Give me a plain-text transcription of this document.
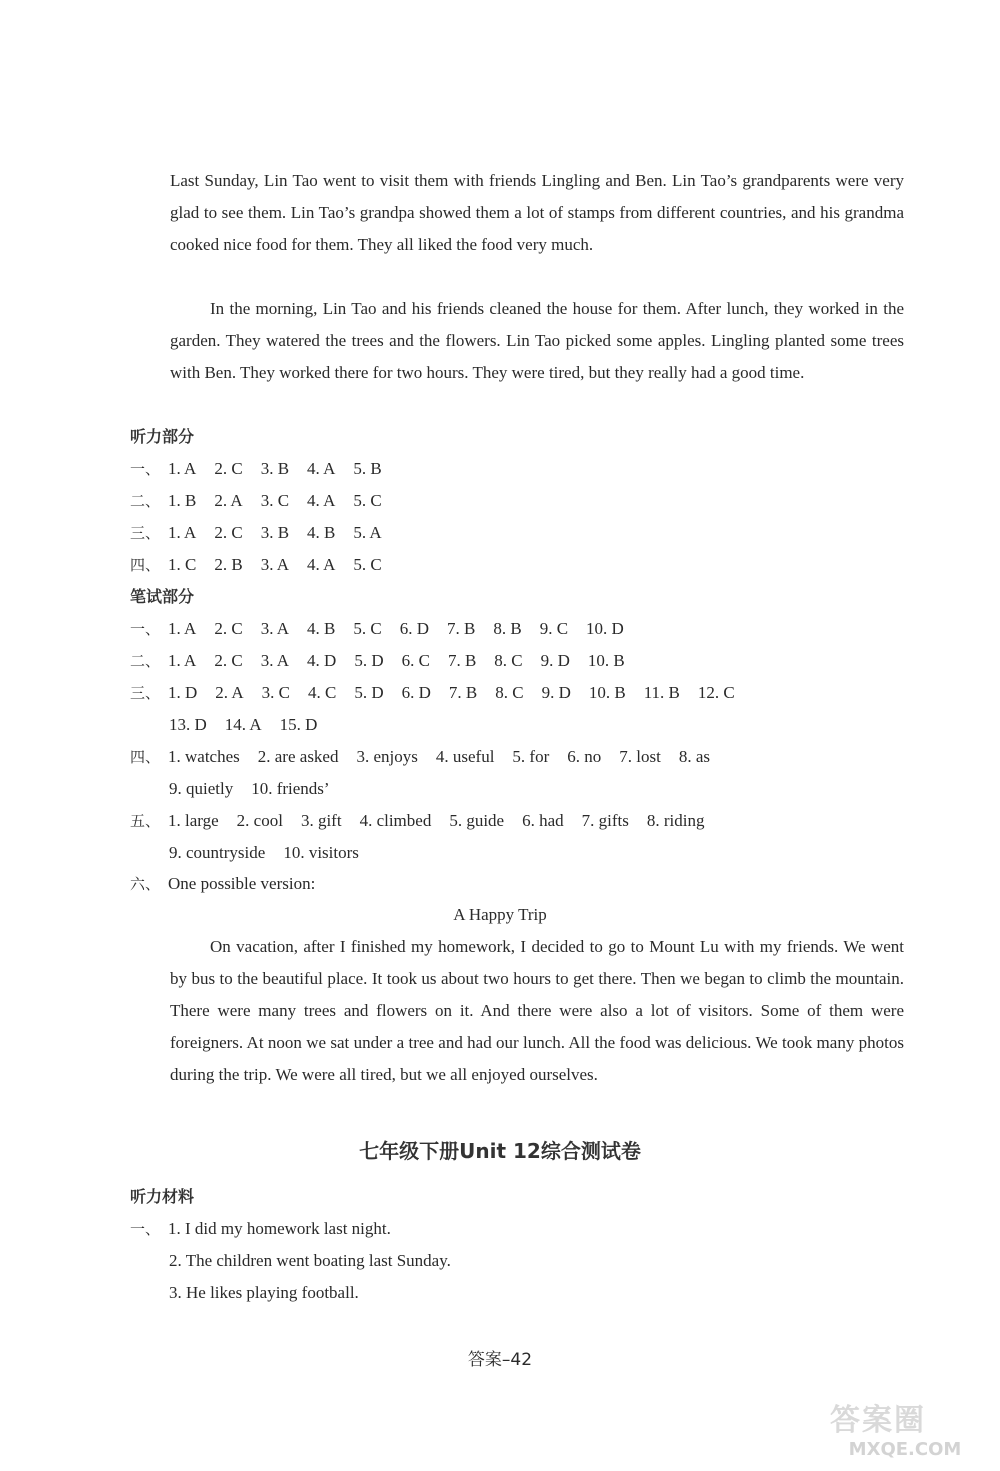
Last Sunday, Lin Tao went to visit them with friends Lingling and Ben. Lin Tao’s grandparents were very glad to see them. Lin Tao’s grandpa showed them a lot of stamps from different countries, and his grandma cooked nice food for them. They all liked the food very much.

In the morning, Lin Tao and his friends cleaned the house for them. After lunch, they worked in the garden. They watered the trees and the flowers. Lin Tao picked some apples. Lingling planted some trees with Ben. They worked there for two hours. They were tired, but they really had a good time.

听力部分
一、 1. A 2. C 3. B 4. A 5. B
二、 1. B 2. A 3. C 4. A 5. C
三、 1. A 2. C 3. B 4. B 5. A
四、 1. C 2. B 3. A 4. A 5. C
笔试部分
一、 1. A 2. C 3. A 4. B 5. C 6. D 7. B 8. B 9. C 10. D
二、 1. A 2. C 3. A 4. D 5. D 6. C 7. B 8. C 9. D 10. B
三、 1. D 2. A 3. C 4. C 5. D 6. D 7. B 8. C 9. D 10. B 11. B 12. C
13. D 14. A 15. D
四、 1. watches 2. are asked 3. enjoys 4. useful 5. for 6. no 7. lost 8. as
9. quietly 10. friends’
五、 1. large 2. cool 3. gift 4. climbed 5. guide 6. had 7. gifts 8. riding
9. countryside 10. visitors
六、 One possible version:
A Happy Trip

On vacation, after I finished my homework, I decided to go to Mount Lu with my friends. We went by bus to the beautiful place. It took us about two hours to get there. Then we began to climb the mountain. There were many trees and flowers on it. And there were also a lot of visitors. Some of them were foreigners. At noon we sat under a tree and had our lunch. All the food was delicious. We took many photos during the trip. We were all tired, but we all enjoyed ourselves.

七年级下册Unit 12综合测试卷
听力材料
一、 1. I did my homework last night.
2. The children went boating last Sunday.
3. He likes playing football.
答案–42
答案圈
MXQE.COM
